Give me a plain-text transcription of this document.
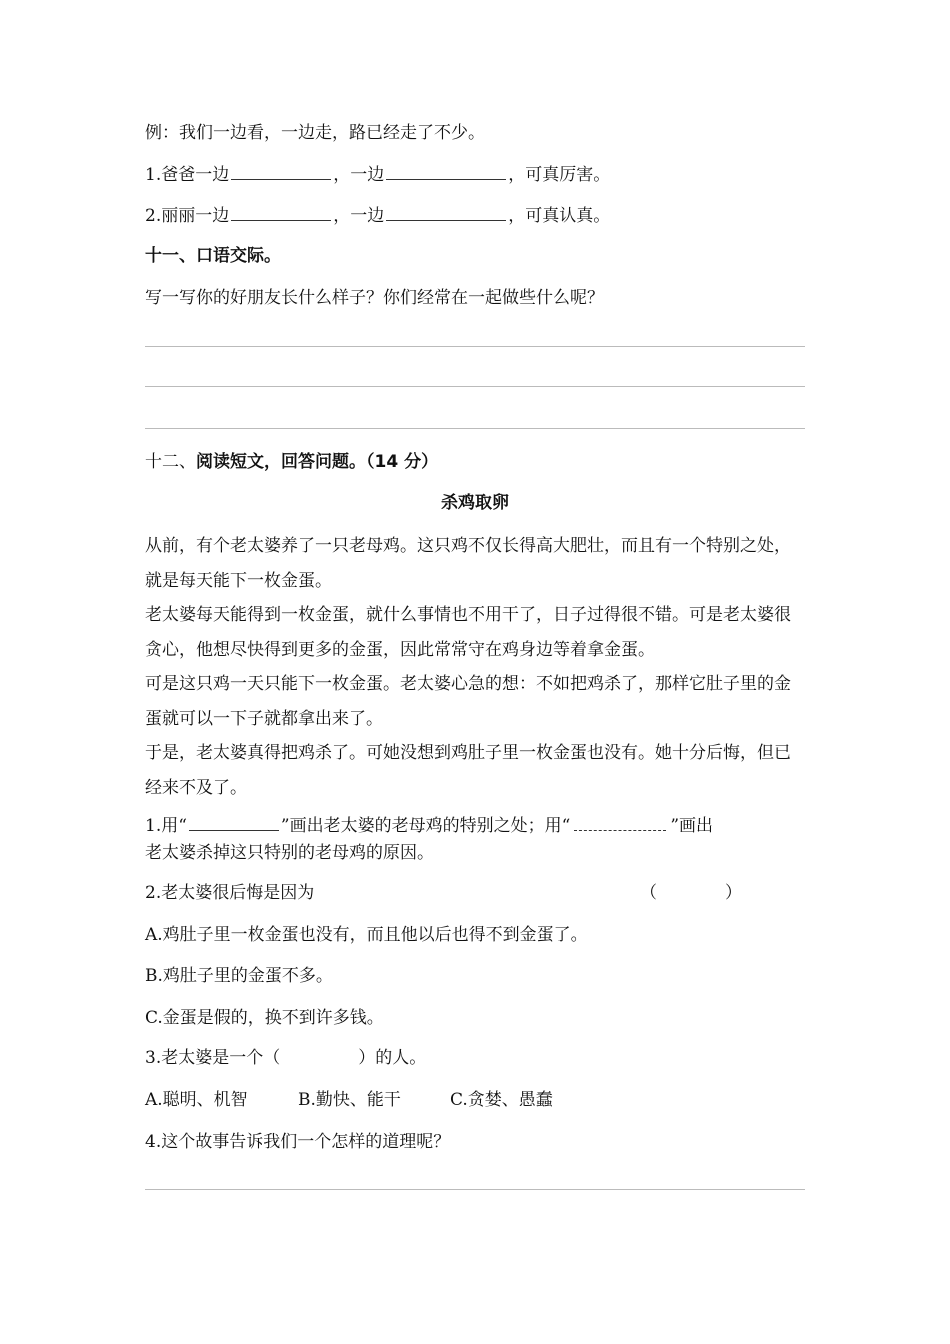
例：我们一边看，一边走，路已经走了不少。
1.爸爸一边	，一边	，可真厉害。
2.丽丽一边	，一边	，可真认真。
十一、口语交际。
写一写你的好朋友长什么样子？你们经常在一起做些什么呢？
十二、阅读短文，回答问题。（14 分）
杀鸡取卵
从前，有个老太婆养了一只老母鸡。这只鸡不仅长得高大肥壮，而且有一个特别之处，就是每天能下一枚金蛋。
老太婆每天能得到一枚金蛋，就什么事情也不用干了，日子过得很不错。可是老太婆很贪心，他想尽快得到更多的金蛋，因此常常守在鸡身边等着拿金蛋。
可是这只鸡一天只能下一枚金蛋。老太婆心急的想：不如把鸡杀了，那样它肚子里的金蛋就可以一下子就都拿出来了。
于是，老太婆真得把鸡杀了。可她没想到鸡肚子里一枚金蛋也没有。她十分后悔，但已经来不及了。
1.用“	”画出老太婆的老母鸡的特别之处；用“	”画出
老太婆杀掉这只特别的老母鸡的原因。
2.老太婆很后悔是因为	（　　　　）
A.鸡肚子里一枚金蛋也没有，而且他以后也得不到金蛋了。
B.鸡肚子里的金蛋不多。
C.金蛋是假的，换不到许多钱。
3.老太婆是一个（	）的人。
A.聪明、机智	B.勤快、能干	C.贪婪、愚蠢
4.这个故事告诉我们一个怎样的道理呢？
